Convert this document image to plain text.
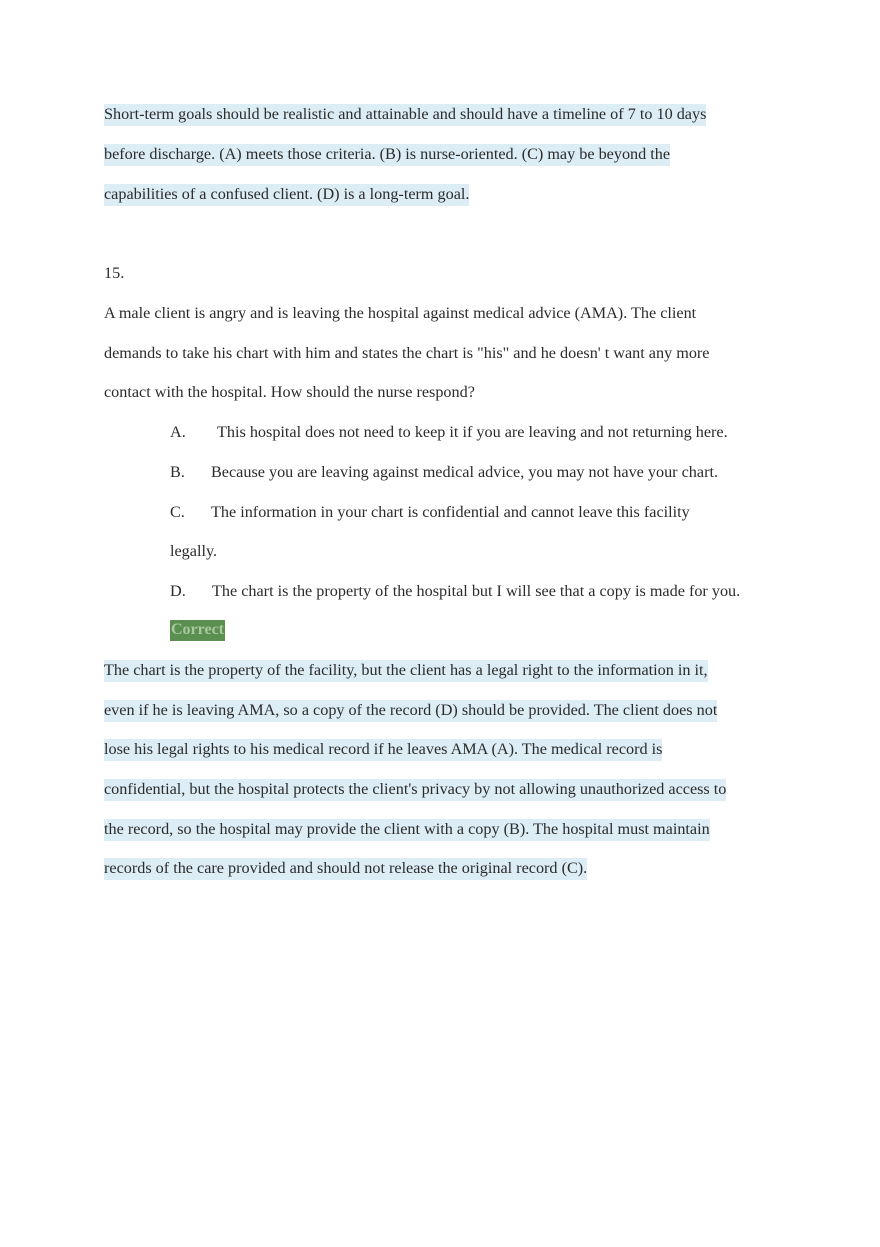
Short-term goals should be realistic and attainable and should have a timeline of 7 to 10 days
before discharge. (A) meets those criteria. (B) is nurse-oriented. (C) may be beyond the
capabilities of a confused client. (D) is a long-term goal.
15.
A male client is angry and is leaving the hospital against medical advice (AMA). The client
demands to take his chart with him and states the chart is "his" and he doesn' t want any more
contact with the hospital. How should the nurse respond?
A. This hospital does not need to keep it if you are leaving and not returning here.
B. Because you are leaving against medical advice, you may not have your chart.
C. The information in your chart is confidential and cannot leave this facility
legally.
D. The chart is the property of the hospital but I will see that a copy is made for you.
Correct
The chart is the property of the facility, but the client has a legal right to the information in it,
even if he is leaving AMA, so a copy of the record (D) should be provided. The client does not
lose his legal rights to his medical record if he leaves AMA (A). The medical record is
confidential, but the hospital protects the client's privacy by not allowing unauthorized access to
the record, so the hospital may provide the client with a copy (B). The hospital must maintain
records of the care provided and should not release the original record (C).
